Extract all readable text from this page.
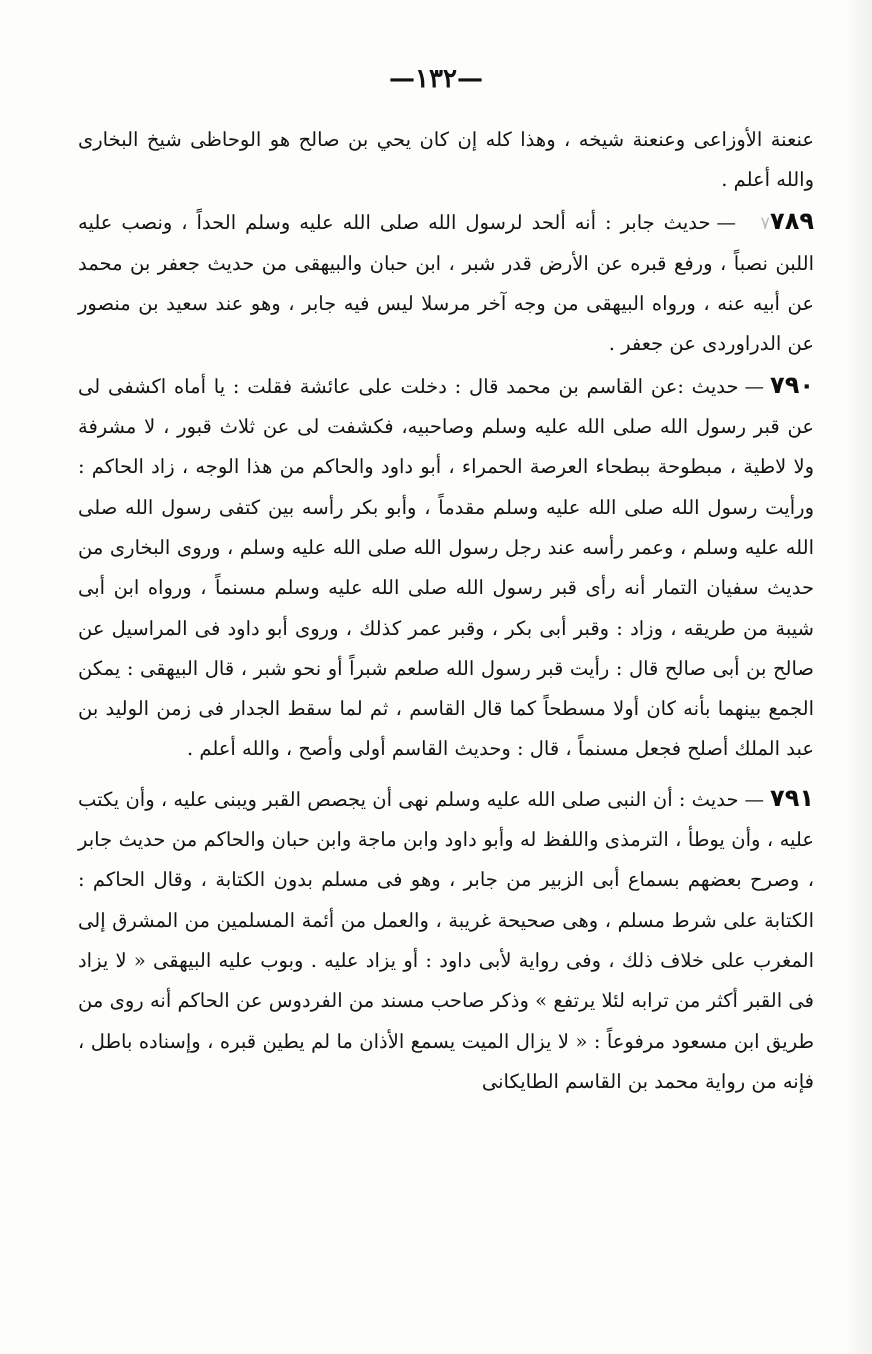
—١٣٢—

عنعنة الأوزاعى وعنعنة شيخه ، وهذا كله إن كان يحي بن صالح هو الوحاظى شيخ البخارى والله أعلم .

٧٨٩٧—حديث جابر : أنه ألحد لرسول الله صلى الله عليه وسلم الحداً ، ونصب عليه اللبن نصباً ، ورفع قبره عن الأرض قدر شبر ، ابن حبان والبيهقى من حديث جعفر بن محمد عن أبيه عنه ، ورواه البيهقى من وجه آخر مرسلا ليس فيه جابر ، وهو عند سعيد بن منصور عن الدراوردى عن جعفر .

٧٩٠—حديث :عن القاسم بن محمد قال : دخلت على عائشة فقلت : يا أماه اكشفى لى عن قبر رسول الله صلى الله عليه وسلم وصاحبيه، فكشفت لى عن ثلاث قبور ، لا مشرفة ولا لاطية ، مبطوحة ببطحاء العرصة الحمراء ، أبو داود والحاكم من هذا الوجه ، زاد الحاكم : ورأيت رسول الله صلى الله عليه وسلم مقدماً ، وأبو بكر رأسه بين كتفى رسول الله صلى الله عليه وسلم ، وعمر رأسه عند رجل رسول الله صلى الله عليه وسلم ، وروى البخارى من حديث سفيان التمار أنه رأى قبر رسول الله صلى الله عليه وسلم مسنماً ، ورواه ابن أبى شيبة من طريقه ، وزاد : وقبر أبى بكر ، وقبر عمر كذلك ، وروى أبو داود فى المراسيل عن صالح بن أبى صالح قال : رأيت قبر رسول الله صلعم شبراً أو نحو شبر ، قال البيهقى : يمكن الجمع بينهما بأنه كان أولا مسطحاً كما قال القاسم ، ثم لما سقط الجدار فى زمن الوليد بن عبد الملك أصلح فجعل مسنماً ، قال : وحديث القاسم أولى وأصح ، والله أعلم .

٧٩١—حديث : أن النبى صلى الله عليه وسلم نهى أن يجصص القبر ويبنى عليه ، وأن يكتب عليه ، وأن يوطأ ، الترمذى واللفظ له وأبو داود وابن ماجة وابن حبان والحاكم من حديث جابر ، وصرح بعضهم بسماع أبى الزبير من جابر ، وهو فى مسلم بدون الكتابة ، وقال الحاكم : الكتابة على شرط مسلم ، وهى صحيحة غريبة ، والعمل من أئمة المسلمين من المشرق إلى المغرب على خلاف ذلك ، وفى رواية لأبى داود : أو يزاد عليه . وبوب عليه البيهقى « لا يزاد فى القبر أكثر من ترابه لئلا يرتفع » وذكر صاحب مسند من الفردوس عن الحاكم أنه روى من طريق ابن مسعود مرفوعاً : « لا يزال الميت يسمع الأذان ما لم يطين قبره ، وإسناده باطل ، فإنه من رواية محمد بن القاسم الطايكانى
